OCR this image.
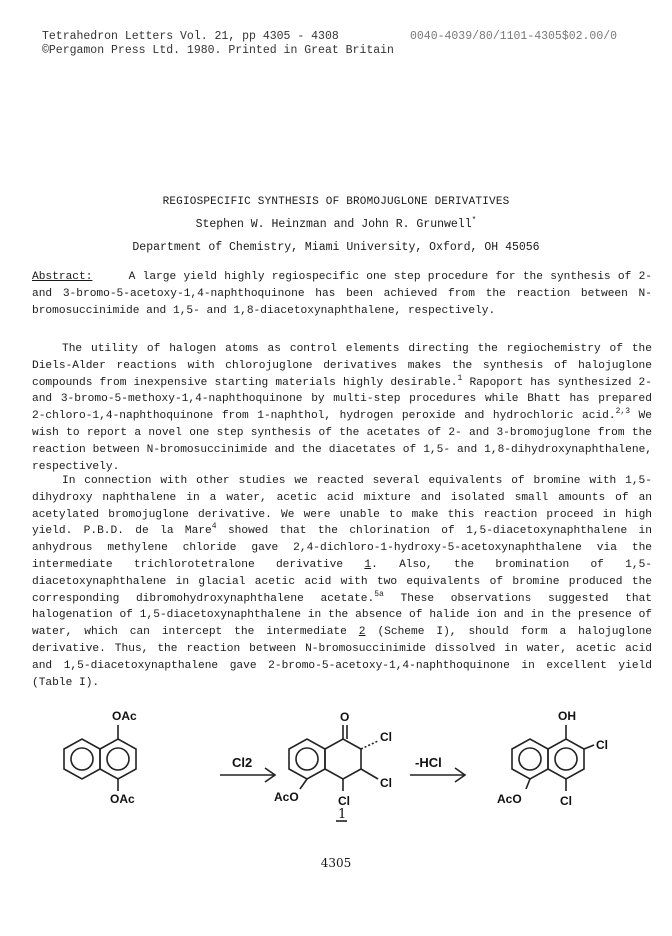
Tetrahedron Letters Vol. 21, pp 4305 - 4308
©Pergamon Press Ltd. 1980. Printed in Great Britain
0040-4039/80/1101-4305$02.00/0
REGIOSPECIFIC SYNTHESIS OF BROMOJUGLONE DERIVATIVES
Stephen W. Heinzman and John R. Grunwell*
Department of Chemistry, Miami University, Oxford, OH 45056
Abstract:	A large yield highly regiospecific one step procedure for the synthesis of 2- and 3-bromo-5-acetoxy-1,4-naphthoquinone has been achieved from the reaction between N-bromosuccinimide and 1,5- and 1,8-diacetoxynaphthalene, respectively.
The utility of halogen atoms as control elements directing the regiochemistry of the Diels-Alder reactions with chlorojuglone derivatives makes the synthesis of halojuglone compounds from inexpensive starting materials highly desirable.$^1$ Rapoport has synthesized 2- and 3-bromo-5-methoxy-1,4-naphthoquinone by multi-step procedures while Bhatt has prepared 2-chloro-1,4-naphthoquinone from 1-naphthol, hydrogen peroxide and hydrochloric acid.$^{2,3}$ We wish to report a novel one step synthesis of the acetates of 2- and 3-bromojuglone from the reaction between N-bromosuccinimide and the diacetates of 1,5- and 1,8-dihydroxynaphthalene, respectively.
In connection with other studies we reacted several equivalents of bromine with 1,5-dihydroxy naphthalene in a water, acetic acid mixture and isolated small amounts of an acetylated bromojuglone derivative. We were unable to make this reaction proceed in high yield. P.B.D. de la Mare$^4$ showed that the chlorination of 1,5-diacetoxynaphthalene in anhydrous methylene chloride gave 2,4-dichloro-1-hydroxy-5-acetoxynaphthalene via the intermediate trichlorotetralone derivative 1. Also, the bromination of 1,5-diacetoxynaphthalene in glacial acetic acid with two equivalents of bromine produced the corresponding dibromohydroxynaphthalene acetate.$^{5a}$ These observations suggested that halogenation of 1,5-diacetoxynaphthalene in the absence of halide ion and in the presence of water, which can intercept the intermediate 2 (Scheme I), should form a halojuglone derivative. Thus, the reaction between N-bromosuccinimide dissolved in water, acetic acid and 1,5-diacetoxynapthalene gave 2-bromo-5-acetoxy-1,4-naphthoquinone in excellent yield (Table I).
OAc
OAc
Cl2
O
Cl
Cl
Cl
AcO
1
-HCl
OH
Cl
Cl
AcO
4305
